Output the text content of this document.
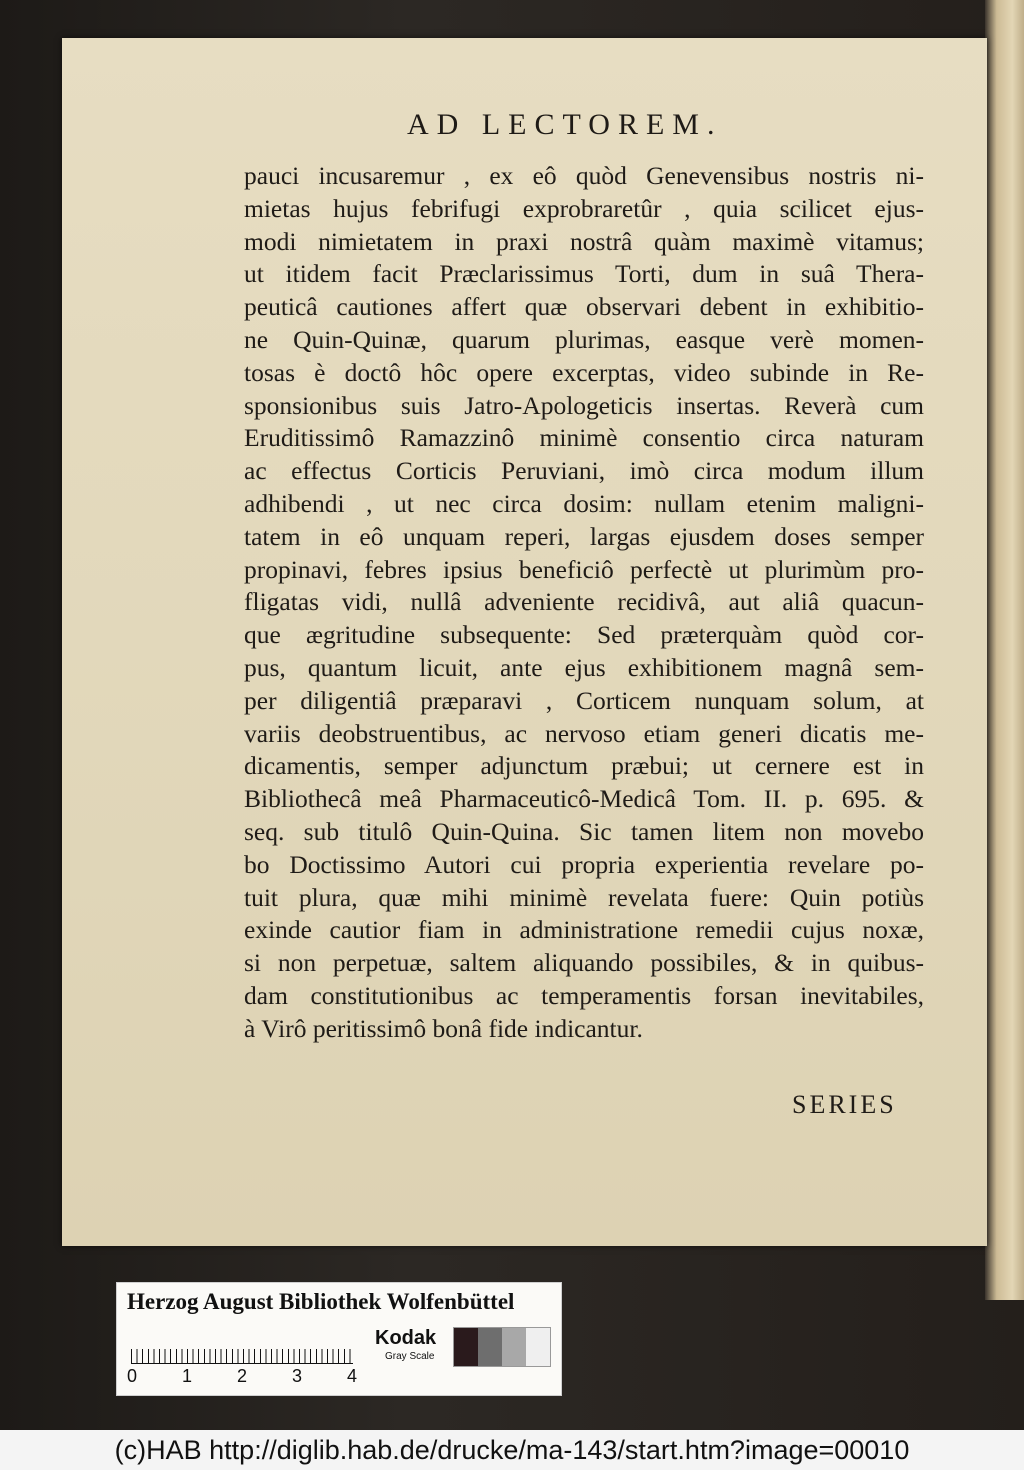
AD LECTOREM.
pauci incusaremur , ex eô quòd Genevensibus nostris ni-
mietas hujus febrifugi exprobraretûr , quia scilicet ejus-
modi nimietatem in praxi nostrâ quàm maximè vitamus;
ut itidem facit Præclarissimus Torti, dum in suâ Thera-
peuticâ cautiones affert quæ observari debent in exhibitio-
ne Quin-Quinæ, quarum plurimas, easque verè momen-
tosas è doctô hôc opere excerptas, video subinde in Re-
sponsionibus suis Jatro-Apologeticis insertas. Reverà cum
Eruditissimô Ramazzinô minimè consentio circa naturam
ac effectus Corticis Peruviani, imò circa modum illum
adhibendi , ut nec circa dosim: nullam etenim maligni-
tatem in eô unquam reperi, largas ejusdem doses semper
propinavi, febres ipsius beneficiô perfectè ut plurimùm pro-
fligatas vidi, nullâ adveniente recidivâ, aut aliâ quacun-
que ægritudine subsequente: Sed præterquàm quòd cor-
pus, quantum licuit, ante ejus exhibitionem magnâ sem-
per diligentiâ præparavi , Corticem nunquam solum, at
variis deobstruentibus, ac nervoso etiam generi dicatis me-
dicamentis, semper adjunctum præbui; ut cernere est in
Bibliothecâ meâ Pharmaceuticô-Medicâ Tom. II. p. 695. &
seq. sub titulô Quin-Quina. Sic tamen litem non movebo
bo Doctissimo Autori cui propria experientia revelare po-
tuit plura, quæ mihi minimè revelata fuere: Quin potiùs
exinde cautior fiam in administratione remedii cujus noxæ,
si non perpetuæ, saltem aliquando possibiles, & in quibus-
dam constitutionibus ac temperamentis forsan inevitabiles,
à Virô peritissimô bonâ fide indicantur.
SERIES
Herzog August Bibliothek Wolfenbüttel
0 1 2 3 4
Kodak
Gray Scale
(c)HAB http://diglib.hab.de/drucke/ma-143/start.htm?image=00010
